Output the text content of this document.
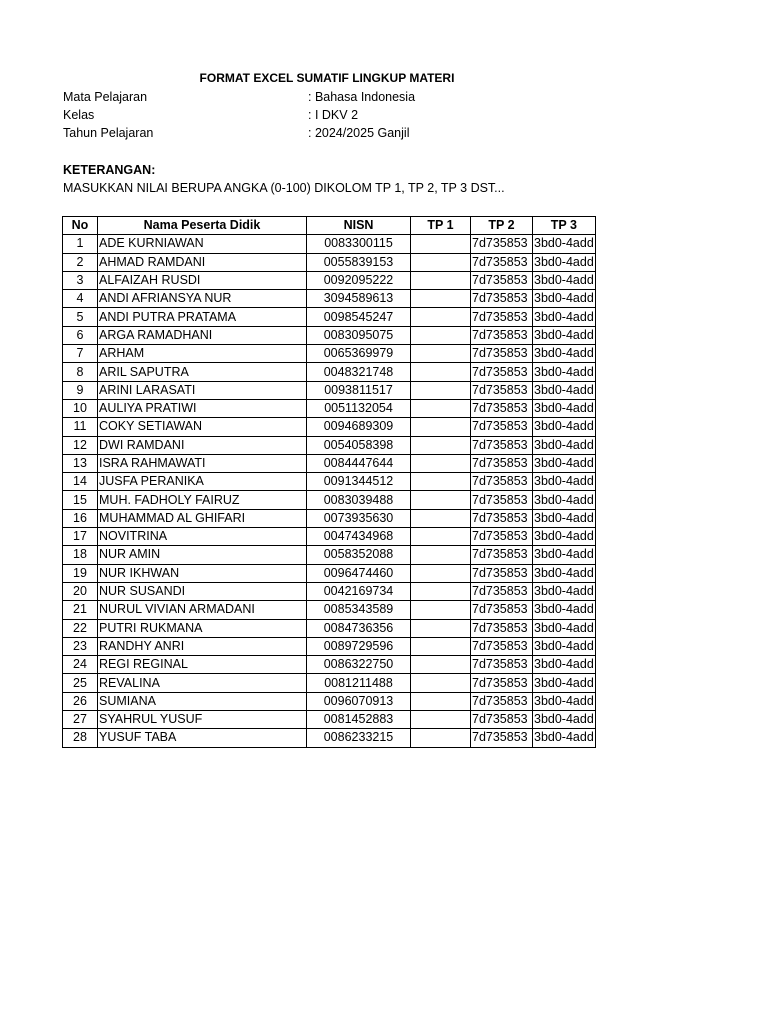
FORMAT EXCEL SUMATIF LINGKUP MATERI
Mata Pelajaran	: Bahasa Indonesia
Kelas	: I DKV 2
Tahun Pelajaran	: 2024/2025 Ganjil
KETERANGAN:
MASUKKAN NILAI BERUPA ANGKA (0-100) DIKOLOM TP 1, TP 2, TP 3 DST...
No	Nama Peserta Didik	NISN	TP 1	TP 2	TP 3
1	ADE KURNIAWAN	0083300115		7d735853	3bd0-4add
2	AHMAD RAMDANI	0055839153		7d735853	3bd0-4add
3	ALFAIZAH RUSDI	0092095222		7d735853	3bd0-4add
4	ANDI AFRIANSYA NUR	3094589613		7d735853	3bd0-4add
5	ANDI PUTRA PRATAMA	0098545247		7d735853	3bd0-4add
6	ARGA RAMADHANI	0083095075		7d735853	3bd0-4add
7	ARHAM	0065369979		7d735853	3bd0-4add
8	ARIL SAPUTRA	0048321748		7d735853	3bd0-4add
9	ARINI LARASATI	0093811517		7d735853	3bd0-4add
10	AULIYA PRATIWI	0051132054		7d735853	3bd0-4add
11	COKY SETIAWAN	0094689309		7d735853	3bd0-4add
12	DWI RAMDANI	0054058398		7d735853	3bd0-4add
13	ISRA RAHMAWATI	0084447644		7d735853	3bd0-4add
14	JUSFA PERANIKA	0091344512		7d735853	3bd0-4add
15	MUH. FADHOLY FAIRUZ	0083039488		7d735853	3bd0-4add
16	MUHAMMAD AL GHIFARI	0073935630		7d735853	3bd0-4add
17	NOVITRINA	0047434968		7d735853	3bd0-4add
18	NUR AMIN	0058352088		7d735853	3bd0-4add
19	NUR IKHWAN	0096474460		7d735853	3bd0-4add
20	NUR SUSANDI	0042169734		7d735853	3bd0-4add
21	NURUL VIVIAN ARMADANI	0085343589		7d735853	3bd0-4add
22	PUTRI RUKMANA	0084736356		7d735853	3bd0-4add
23	RANDHY ANRI	0089729596		7d735853	3bd0-4add
24	REGI REGINAL	0086322750		7d735853	3bd0-4add
25	REVALINA	0081211488		7d735853	3bd0-4add
26	SUMIANA	0096070913		7d735853	3bd0-4add
27	SYAHRUL YUSUF	0081452883		7d735853	3bd0-4add
28	YUSUF TABA	0086233215		7d735853	3bd0-4add
